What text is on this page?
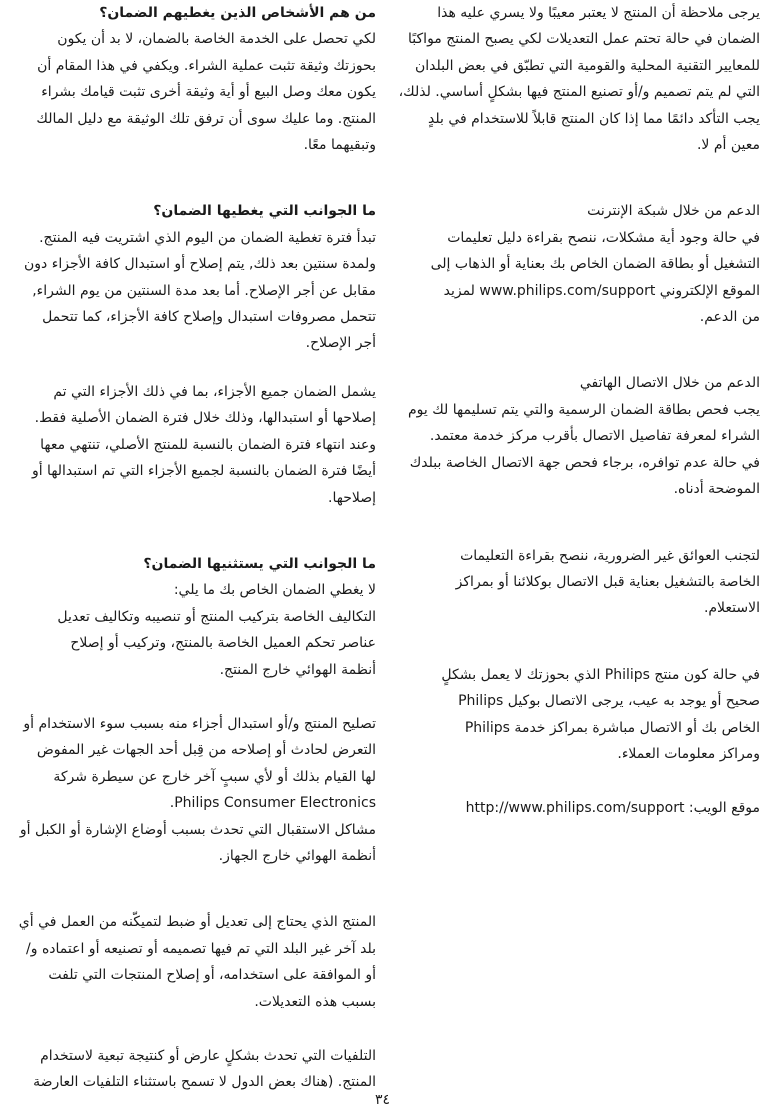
يرجى ملاحظة أن المنتج لا يعتبر معيبًا ولا يسري عليه هذا
الضمان في حالة تحتم عمل التعديلات لكي يصبح المنتج مواكبًا
للمعايير التقنية المحلية والقومية التي تطبّق في بعض البلدان
التي لم يتم تصميم و/أو تصنيع المنتج فيها بشكلٍ أساسي. لذلك،
يجب التأكد دائمًا مما إذا كان المنتج قابلاً للاستخدام في بلدٍ
معين أم لا.

الدعم من خلال شبكة الإنترنت

في حالة وجود أية مشكلات، ننصح بقراءة دليل تعليمات
التشغيل أو بطاقة الضمان الخاص بك بعناية أو الذهاب إلى
الموقع الإلكتروني www.philips.com/support لمزيد
من الدعم.

الدعم من خلال الاتصال الهاتفي

يجب فحص بطاقة الضمان الرسمية والتي يتم تسليمها لك يوم
الشراء لمعرفة تفاصيل الاتصال بأقرب مركز خدمة معتمد.
في حالة عدم توافره، برجاء فحص جهة الاتصال الخاصة ببلدك
الموضحة أدناه.

لتجنب العوائق غير الضرورية، ننصح بقراءة التعليمات
الخاصة بالتشغيل بعناية قبل الاتصال بوكلائنا أو بمراكز
الاستعلام.

في حالة كون منتج Philips الذي بحوزتك لا يعمل بشكلٍ
صحيح أو يوجد به عيب، يرجى الاتصال بوكيل Philips
الخاص بك أو الاتصال مباشرة بمراكز خدمة Philips
ومراكز معلومات العملاء.

موقع الويب: http://www.philips.com/support

من هم الأشخاص الذين يغطيهم الضمان؟

لكي تحصل على الخدمة الخاصة بالضمان، لا بد أن يكون
بحوزتك وثيقة تثبت عملية الشراء. ويكفي في هذا المقام أن
يكون معك وصل البيع أو أية وثيقة أخرى تثبت قيامك بشراء
المنتج. وما عليك سوى أن ترفق تلك الوثيقة مع دليل المالك
وتبقيهما معًا.

ما الجوانب التي يغطيها الضمان؟

تبدأ فترة تغطية الضمان من اليوم الذي اشتريت فيه المنتج.
ولمدة سنتين بعد ذلك, يتم إصلاح أو استبدال كافة الأجزاء دون
مقابل عن أجر الإصلاح. أما بعد مدة السنتين من يوم الشراء,
تتحمل مصروفات استبدال وإصلاح كافة الأجزاء، كما تتحمل
أجر الإصلاح.

يشمل الضمان جميع الأجزاء، بما في ذلك الأجزاء التي تم
إصلاحها أو استبدالها، وذلك خلال فترة الضمان الأصلية فقط.
وعند انتهاء فترة الضمان بالنسبة للمنتج الأصلي، تنتهي معها
أيضًا فترة الضمان بالنسبة لجميع الأجزاء التي تم استبدالها أو
إصلاحها.

ما الجوانب التي يستثنيها الضمان؟

لا يغطي الضمان الخاص بك ما يلي:

التكاليف الخاصة بتركيب المنتج أو تنصيبه وتكاليف تعديل
عناصر تحكم العميل الخاصة بالمنتج، وتركيب أو إصلاح
أنظمة الهوائي خارج المنتج.

تصليح المنتج و/أو استبدال أجزاء منه بسبب سوء الاستخدام أو
التعرض لحادث أو إصلاحه من قِبل أحد الجهات غير المفوض
لها القيام بذلك أو لأي سببٍ آخر خارج عن سيطرة شركة
Philips Consumer Electronics.

مشاكل الاستقبال التي تحدث بسبب أوضاع الإشارة أو الكبل أو
أنظمة الهوائي خارج الجهاز.

المنتج الذي يحتاج إلى تعديل أو ضبط لتميكّنه من العمل في أي
بلد آخر غير البلد التي تم فيها تصميمه أو تصنيعه أو اعتماده و/
أو الموافقة على استخدامه، أو إصلاح المنتجات التي تلفت
بسبب هذه التعديلات.

التلفيات التي تحدث بشكلٍ عارض أو كنتيجة تبعية لاستخدام
المنتج. (هناك بعض الدول لا تسمح باستثناء التلفيات العارضة

٣٤
